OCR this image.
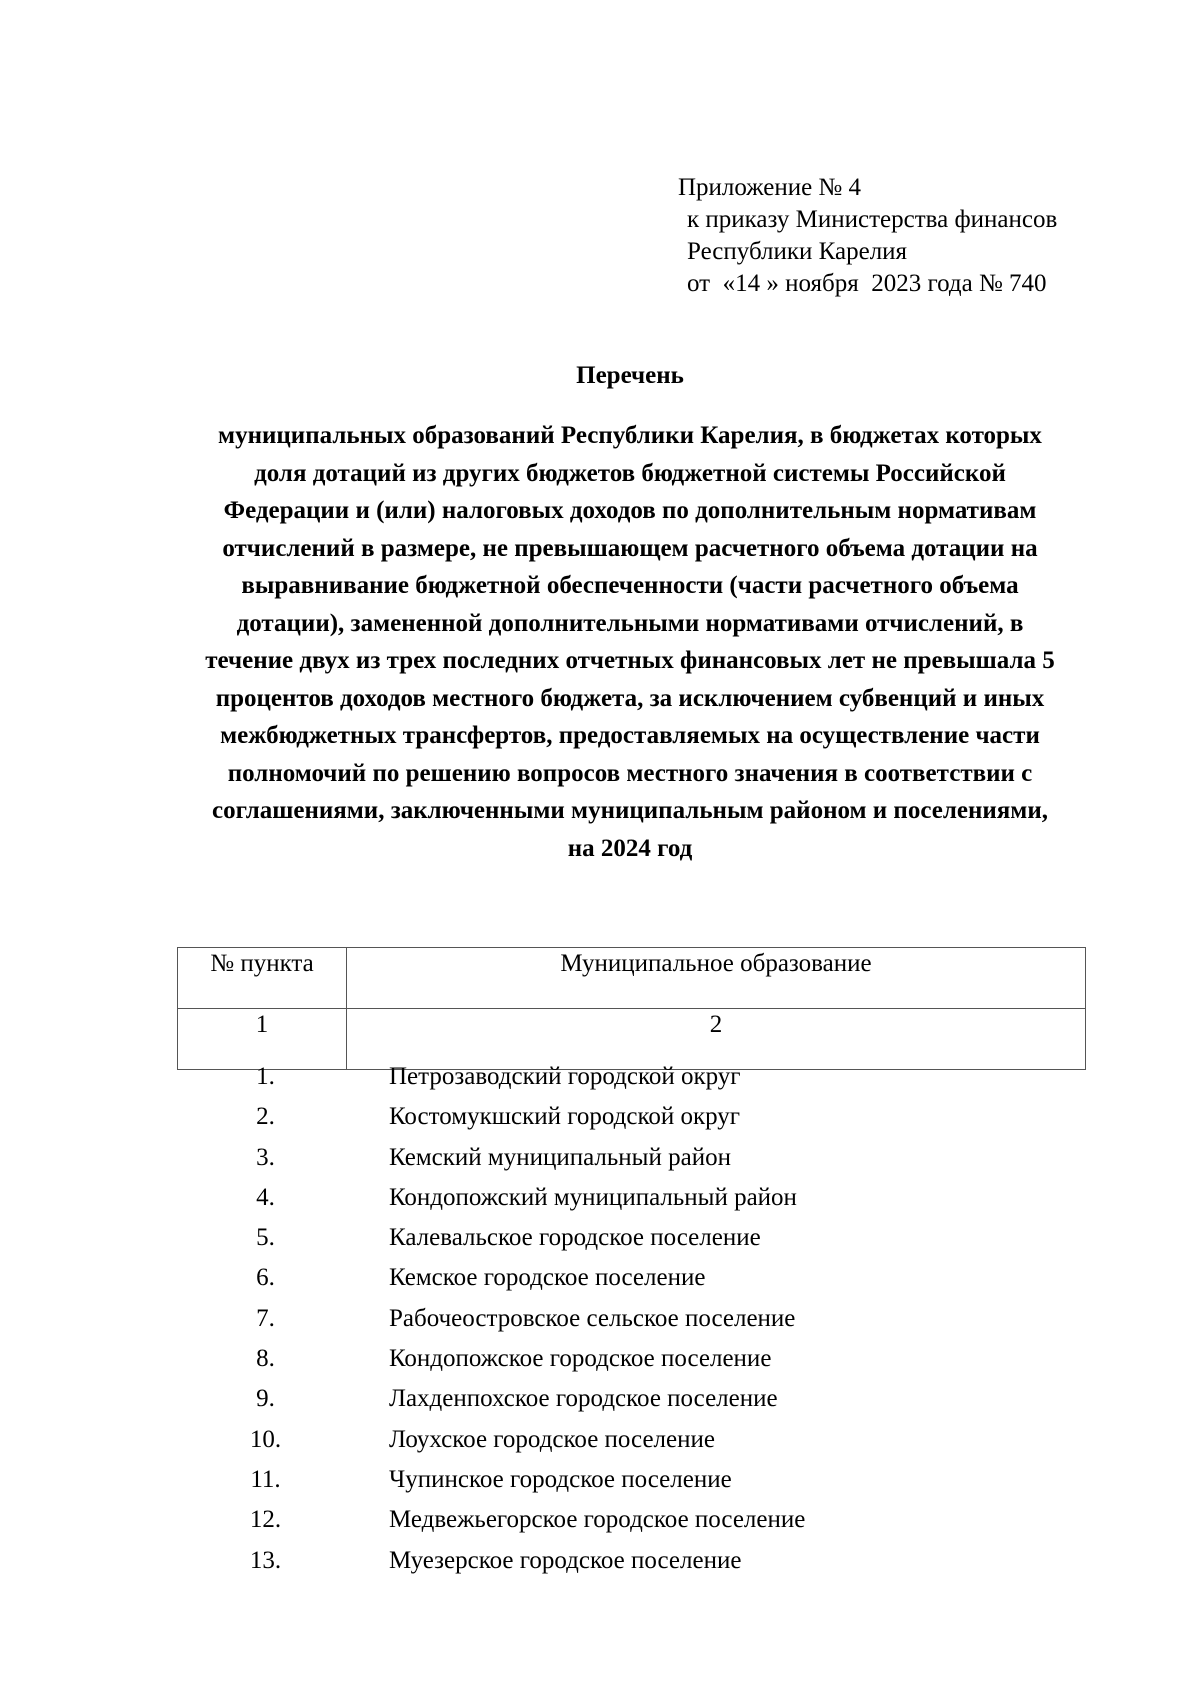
Приложение № 4
к приказу Министерства финансов
Республики Карелия
от  «14 » ноября  2023 года № 740
Перечень
муниципальных образований Республики Карелия, в бюджетах которых
доля дотаций из других бюджетов бюджетной системы Российской
Федерации и (или) налоговых доходов по дополнительным нормативам
отчислений в размере, не превышающем расчетного объема дотации на
выравнивание бюджетной обеспеченности (части расчетного объема
дотации), замененной дополнительными нормативами отчислений, в
течение двух из трех последних отчетных финансовых лет не превышала 5
процентов доходов местного бюджета, за исключением субвенций и иных
межбюджетных трансфертов, предоставляемых на осуществление части
полномочий по решению вопросов местного значения в соответствии с
соглашениями, заключенными муниципальным районом и поселениями,
на 2024 год
№ пункта	Муниципальное образование
1	2
1.	Петрозаводский городской округ
2.	Костомукшский городской округ
3.	Кемский муниципальный район
4.	Кондопожский муниципальный район
5.	Калевальское городское поселение
6.	Кемское городское поселение
7.	Рабочеостровское сельское поселение
8.	Кондопожское городское поселение
9.	Лахденпохское городское поселение
10.	Лоухское городское поселение
11.	Чупинское городское поселение
12.	Медвежьегорское городское поселение
13.	Муезерское городское поселение
